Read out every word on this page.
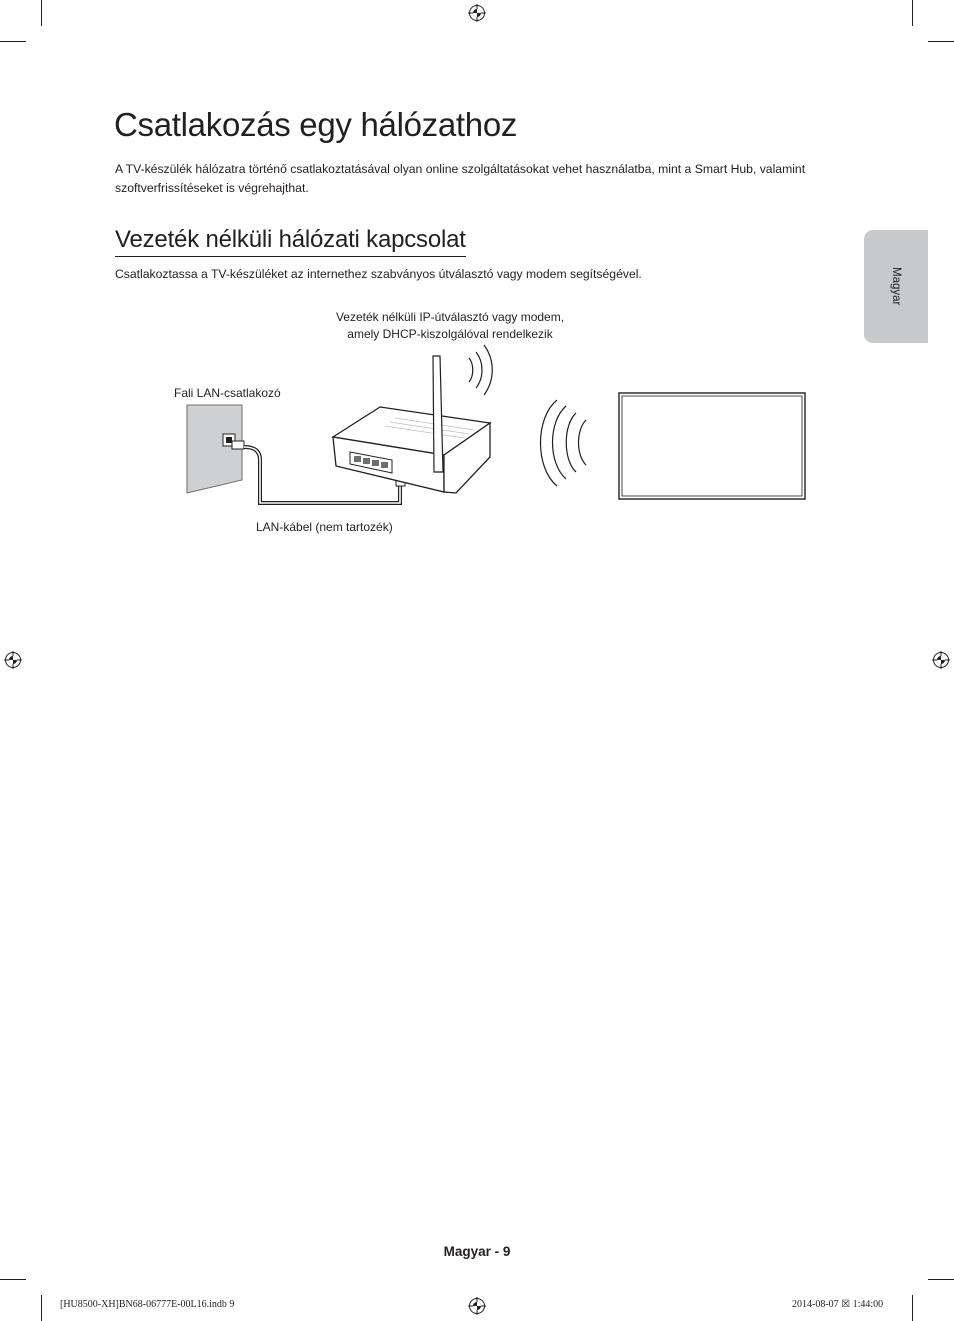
Magyar
Csatlakozás egy hálózathoz

A TV-készülék hálózatra történő csatlakoztatásával olyan online szolgáltatásokat vehet használatba, mint a Smart Hub, valamint szoftverfrissítéseket is végrehajthat.

Vezeték nélküli hálózati kapcsolat

Csatlakoztassa a TV-készüléket az internethez szabványos útválasztó vagy modem segítségével.

Vezeték nélküli IP-útválasztó vagy modem,
amely DHCP-kiszolgálóval rendelkezik
Fali LAN-csatlakozó
LAN-kábel (nem tartozék)
Magyar - 9
[HU8500-XH]BN68-06777E-00L16.indb 9	2014-08-07 ☒ 1:44:00
